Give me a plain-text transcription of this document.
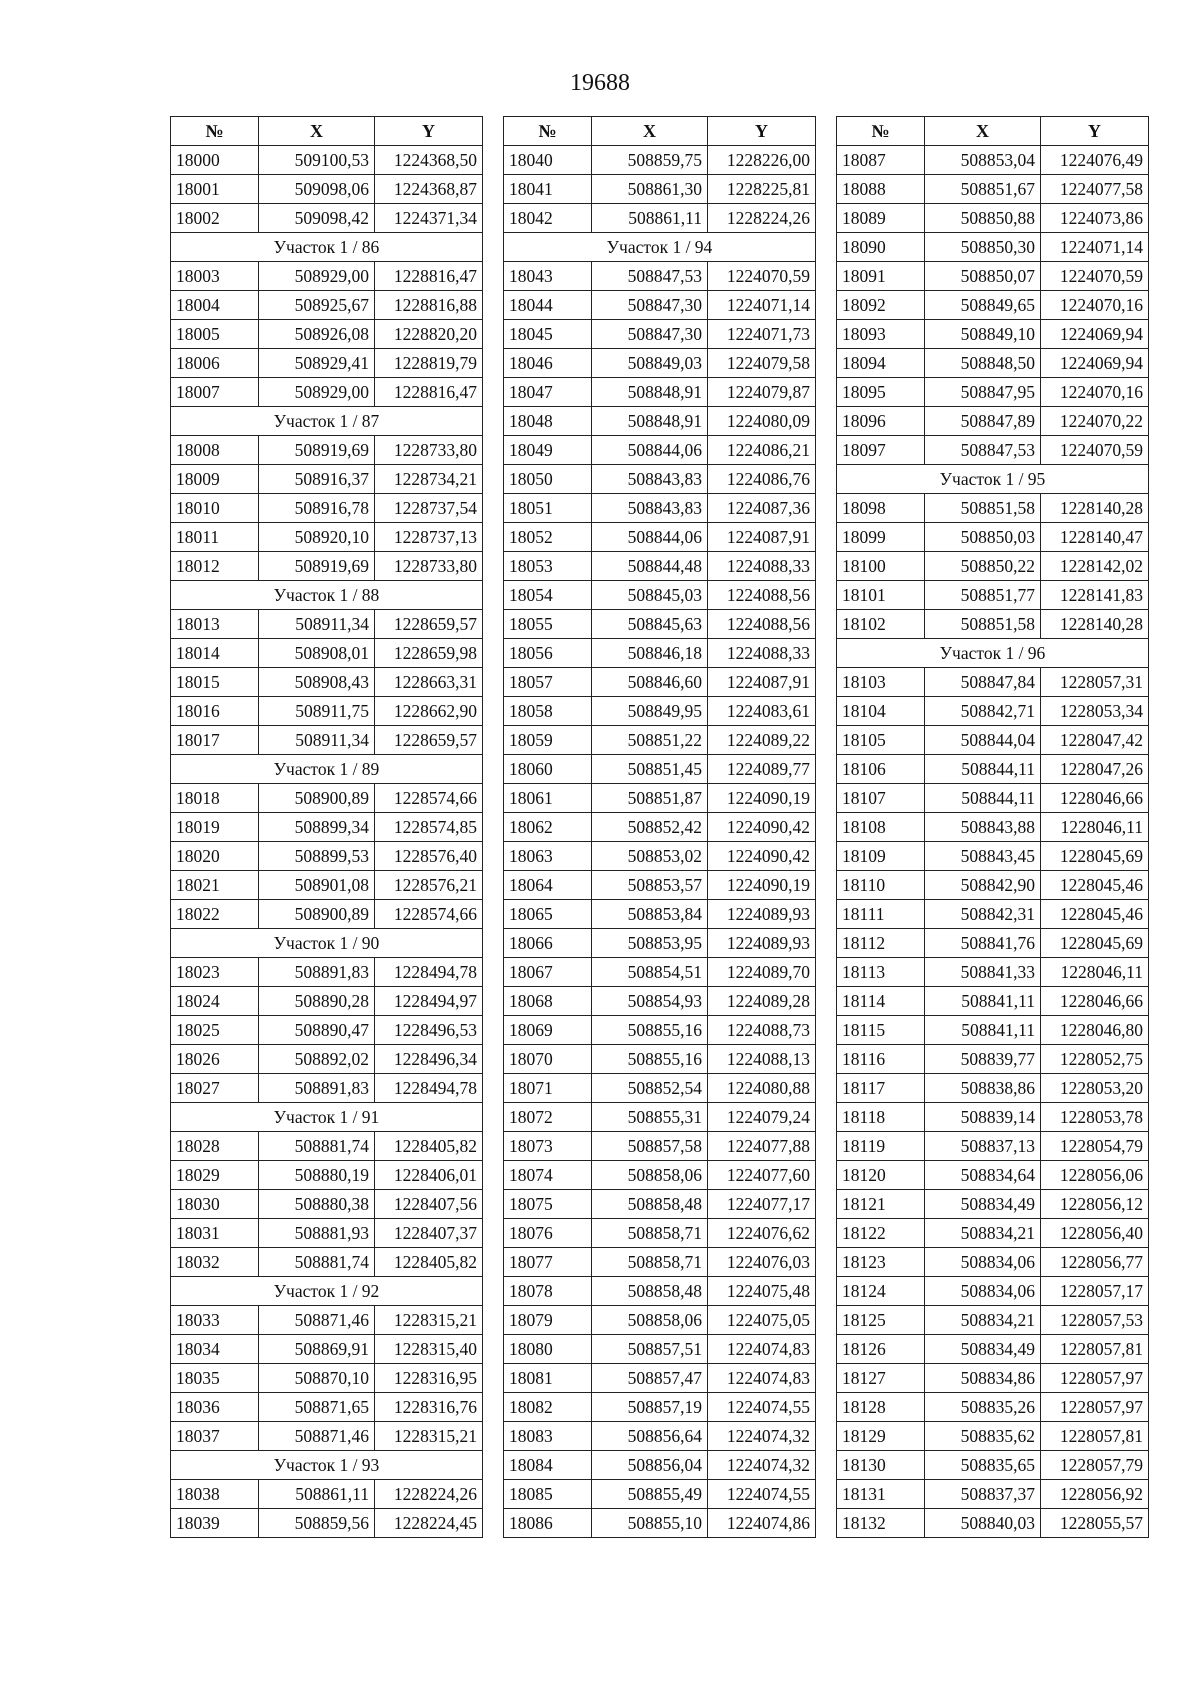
19688
№	X	Y
18000	509100,53	1224368,50
18001	509098,06	1224368,87
18002	509098,42	1224371,34
Участок 1 / 86		
18003	508929,00	1228816,47
18004	508925,67	1228816,88
18005	508926,08	1228820,20
18006	508929,41	1228819,79
18007	508929,00	1228816,47
Участок 1 / 87		
18008	508919,69	1228733,80
18009	508916,37	1228734,21
18010	508916,78	1228737,54
18011	508920,10	1228737,13
18012	508919,69	1228733,80
Участок 1 / 88		
18013	508911,34	1228659,57
18014	508908,01	1228659,98
18015	508908,43	1228663,31
18016	508911,75	1228662,90
18017	508911,34	1228659,57
Участок 1 / 89		
18018	508900,89	1228574,66
18019	508899,34	1228574,85
18020	508899,53	1228576,40
18021	508901,08	1228576,21
18022	508900,89	1228574,66
Участок 1 / 90		
18023	508891,83	1228494,78
18024	508890,28	1228494,97
18025	508890,47	1228496,53
18026	508892,02	1228496,34
18027	508891,83	1228494,78
Участок 1 / 91		
18028	508881,74	1228405,82
18029	508880,19	1228406,01
18030	508880,38	1228407,56
18031	508881,93	1228407,37
18032	508881,74	1228405,82
Участок 1 / 92		
18033	508871,46	1228315,21
18034	508869,91	1228315,40
18035	508870,10	1228316,95
18036	508871,65	1228316,76
18037	508871,46	1228315,21
Участок 1 / 93		
18038	508861,11	1228224,26
18039	508859,56	1228224,45
№	X	Y
18040	508859,75	1228226,00
18041	508861,30	1228225,81
18042	508861,11	1228224,26
Участок 1 / 94		
18043	508847,53	1224070,59
18044	508847,30	1224071,14
18045	508847,30	1224071,73
18046	508849,03	1224079,58
18047	508848,91	1224079,87
18048	508848,91	1224080,09
18049	508844,06	1224086,21
18050	508843,83	1224086,76
18051	508843,83	1224087,36
18052	508844,06	1224087,91
18053	508844,48	1224088,33
18054	508845,03	1224088,56
18055	508845,63	1224088,56
18056	508846,18	1224088,33
18057	508846,60	1224087,91
18058	508849,95	1224083,61
18059	508851,22	1224089,22
18060	508851,45	1224089,77
18061	508851,87	1224090,19
18062	508852,42	1224090,42
18063	508853,02	1224090,42
18064	508853,57	1224090,19
18065	508853,84	1224089,93
18066	508853,95	1224089,93
18067	508854,51	1224089,70
18068	508854,93	1224089,28
18069	508855,16	1224088,73
18070	508855,16	1224088,13
18071	508852,54	1224080,88
18072	508855,31	1224079,24
18073	508857,58	1224077,88
18074	508858,06	1224077,60
18075	508858,48	1224077,17
18076	508858,71	1224076,62
18077	508858,71	1224076,03
18078	508858,48	1224075,48
18079	508858,06	1224075,05
18080	508857,51	1224074,83
18081	508857,47	1224074,83
18082	508857,19	1224074,55
18083	508856,64	1224074,32
18084	508856,04	1224074,32
18085	508855,49	1224074,55
18086	508855,10	1224074,86
№	X	Y
18087	508853,04	1224076,49
18088	508851,67	1224077,58
18089	508850,88	1224073,86
18090	508850,30	1224071,14
18091	508850,07	1224070,59
18092	508849,65	1224070,16
18093	508849,10	1224069,94
18094	508848,50	1224069,94
18095	508847,95	1224070,16
18096	508847,89	1224070,22
18097	508847,53	1224070,59
Участок 1 / 95		
18098	508851,58	1228140,28
18099	508850,03	1228140,47
18100	508850,22	1228142,02
18101	508851,77	1228141,83
18102	508851,58	1228140,28
Участок 1 / 96		
18103	508847,84	1228057,31
18104	508842,71	1228053,34
18105	508844,04	1228047,42
18106	508844,11	1228047,26
18107	508844,11	1228046,66
18108	508843,88	1228046,11
18109	508843,45	1228045,69
18110	508842,90	1228045,46
18111	508842,31	1228045,46
18112	508841,76	1228045,69
18113	508841,33	1228046,11
18114	508841,11	1228046,66
18115	508841,11	1228046,80
18116	508839,77	1228052,75
18117	508838,86	1228053,20
18118	508839,14	1228053,78
18119	508837,13	1228054,79
18120	508834,64	1228056,06
18121	508834,49	1228056,12
18122	508834,21	1228056,40
18123	508834,06	1228056,77
18124	508834,06	1228057,17
18125	508834,21	1228057,53
18126	508834,49	1228057,81
18127	508834,86	1228057,97
18128	508835,26	1228057,97
18129	508835,62	1228057,81
18130	508835,65	1228057,79
18131	508837,37	1228056,92
18132	508840,03	1228055,57
